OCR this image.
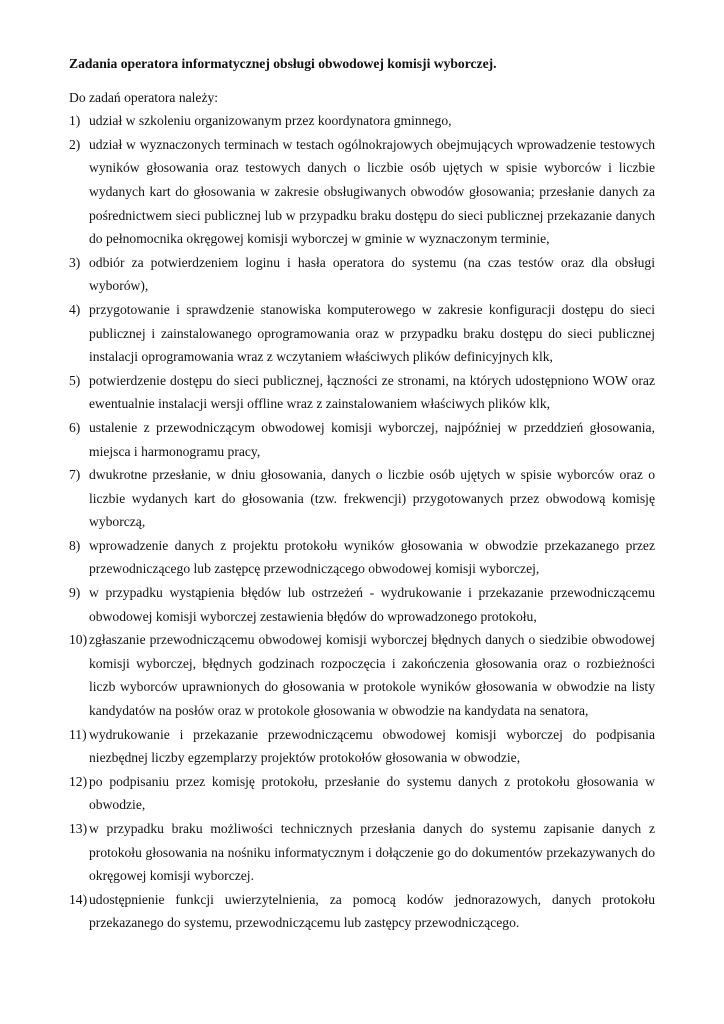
Zadania operatora informatycznej obsługi obwodowej komisji wyborczej.
Do zadań operatora należy:
1) udział w szkoleniu organizowanym przez koordynatora gminnego,
2) udział w wyznaczonych terminach w testach ogólnokrajowych obejmujących wprowadzenie testowych wyników głosowania oraz testowych danych o liczbie osób ujętych w spisie wyborców i liczbie wydanych kart do głosowania w zakresie obsługiwanych obwodów głosowania; przesłanie danych za pośrednictwem sieci publicznej lub w przypadku braku dostępu do sieci publicznej przekazanie danych do pełnomocnika okręgowej komisji wyborczej w gminie w wyznaczonym terminie,
3) odbiór za potwierdzeniem loginu i hasła operatora do systemu (na czas testów oraz dla obsługi wyborów),
4) przygotowanie i sprawdzenie stanowiska komputerowego w zakresie konfiguracji dostępu do sieci publicznej i zainstalowanego oprogramowania oraz w przypadku braku dostępu do sieci publicznej instalacji oprogramowania wraz z wczytaniem właściwych plików definicyjnych klk,
5) potwierdzenie dostępu do sieci publicznej, łączności ze stronami, na których udostępniono WOW oraz ewentualnie instalacji wersji offline wraz z zainstalowaniem właściwych plików klk,
6) ustalenie z przewodniczącym obwodowej komisji wyborczej, najpóźniej w przeddzień głosowania, miejsca i harmonogramu pracy,
7) dwukrotne przesłanie, w dniu głosowania, danych o liczbie osób ujętych w spisie wyborców oraz o liczbie wydanych kart do głosowania (tzw. frekwencji) przygotowanych przez obwodową komisję wyborczą,
8) wprowadzenie danych z projektu protokołu wyników głosowania w obwodzie przekazanego przez przewodniczącego lub zastępcę przewodniczącego obwodowej komisji wyborczej,
9) w przypadku wystąpienia błędów lub ostrzeżeń - wydrukowanie i przekazanie przewodniczącemu obwodowej komisji wyborczej zestawienia błędów do wprowadzonego protokołu,
10) zgłaszanie przewodniczącemu obwodowej komisji wyborczej błędnych danych o siedzibie obwodowej komisji wyborczej, błędnych godzinach rozpoczęcia i zakończenia głosowania oraz o rozbieżności liczb wyborców uprawnionych do głosowania w protokole wyników głosowania w obwodzie na listy kandydatów na posłów oraz w protokole głosowania w obwodzie na kandydata na senatora,
11) wydrukowanie i przekazanie przewodniczącemu obwodowej komisji wyborczej do podpisania niezbędnej liczby egzemplarzy projektów protokołów głosowania w obwodzie,
12) po podpisaniu przez komisję protokołu, przesłanie do systemu danych z protokołu głosowania w obwodzie,
13) w przypadku braku możliwości technicznych przesłania danych do systemu zapisanie danych z protokołu głosowania na nośniku informatycznym i dołączenie go do dokumentów przekazywanych do okręgowej komisji wyborczej.
14) udostępnienie funkcji uwierzytelnienia, za pomocą kodów jednorazowych, danych protokołu przekazanego do systemu, przewodniczącemu lub zastępcy przewodniczącego.
